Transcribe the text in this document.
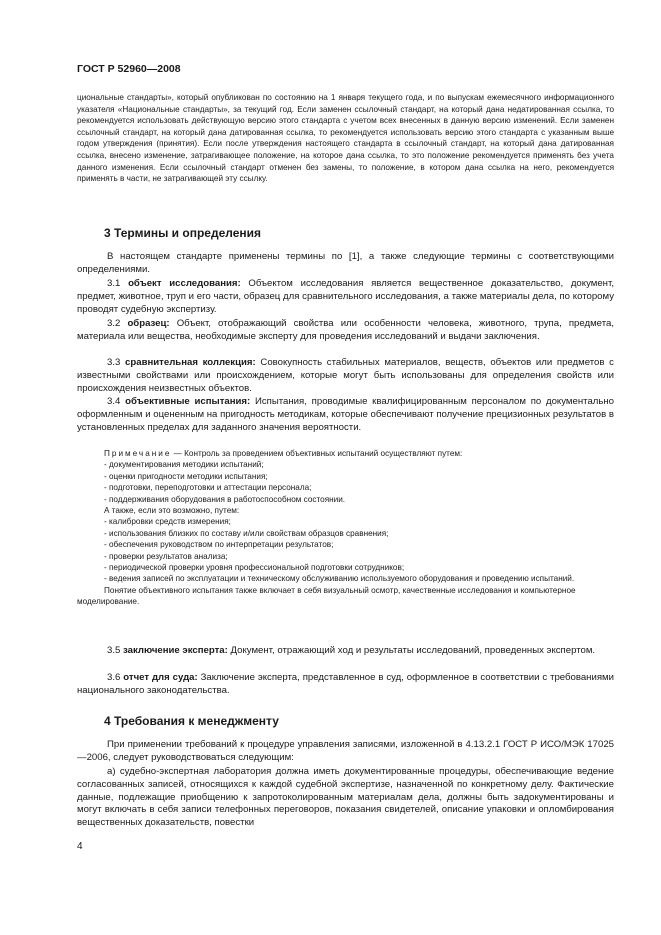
ГОСТ Р 52960—2008
циональные стандарты», который опубликован по состоянию на 1 января текущего года, и по выпускам ежемесячного информационного указателя «Национальные стандарты», за текущий год. Если заменен ссылочный стандарт, на который дана недатированная ссылка, то рекомендуется использовать действующую версию этого стандарта с учетом всех внесенных в данную версию изменений. Если заменен ссылочный стандарт, на который дана датированная ссылка, то рекомендуется использовать версию этого стандарта с указанным выше годом утверждения (принятия). Если после утверждения настоящего стандарта в ссылочный стандарт, на который дана датированная ссылка, внесено изменение, затрагивающее положение, на которое дана ссылка, то это положение рекомендуется применять без учета данного изменения. Если ссылочный стандарт отменен без замены, то положение, в котором дана ссылка на него, рекомендуется применять в части, не затрагивающей эту ссылку.
3 Термины и определения
В настоящем стандарте применены термины по [1], а также следующие термины с соответствующими определениями.
3.1 объект исследования: Объектом исследования является вещественное доказательство, документ, предмет, животное, труп и его части, образец для сравнительного исследования, а также материалы дела, по которому проводят судебную экспертизу.
3.2 образец: Объект, отображающий свойства или особенности человека, животного, трупа, предмета, материала или вещества, необходимые эксперту для проведения исследований и выдачи заключения.
3.3 сравнительная коллекция: Совокупность стабильных материалов, веществ, объектов или предметов с известными свойствами или происхождением, которые могут быть использованы для определения свойств или происхождения неизвестных объектов.
3.4 объективные испытания: Испытания, проводимые квалифицированным персоналом по документально оформленным и оцененным на пригодность методикам, которые обеспечивают получение прецизионных результатов в установленных пределах для заданного значения вероятности.
Примечание — Контроль за проведением объективных испытаний осуществляют путем:
- документирования методики испытаний;
- оценки пригодности методики испытания;
- подготовки, переподготовки и аттестации персонала;
- поддерживания оборудования в работоспособном состоянии.
А также, если это возможно, путем:
- калибровки средств измерения;
- использования близких по составу и/или свойствам образцов сравнения;
- обеспечения руководством по интерпретации результатов;
- проверки результатов анализа;
- периодической проверки уровня профессиональной подготовки сотрудников;
- ведения записей по эксплуатации и техническому обслуживанию используемого оборудования и проведению испытаний.
Понятие объективного испытания также включает в себя визуальный осмотр, качественные исследования и компьютерное моделирование.
3.5 заключение эксперта: Документ, отражающий ход и результаты исследований, проведенных экспертом.
3.6 отчет для суда: Заключение эксперта, представленное в суд, оформленное в соответствии с требованиями национального законодательства.
4 Требования к менеджменту
При применении требований к процедуре управления записями, изложенной в 4.13.2.1 ГОСТ Р ИСО/МЭК 17025—2006, следует руководствоваться следующим:
а) судебно-экспертная лаборатория должна иметь документированные процедуры, обеспечивающие ведение согласованных записей, относящихся к каждой судебной экспертизе, назначенной по конкретному делу. Фактические данные, подлежащие приобщению к запротоколированным материалам дела, должны быть задокументированы и могут включать в себя записи телефонных переговоров, показания свидетелей, описание упаковки и опломбирования вещественных доказательств, повестки
4
